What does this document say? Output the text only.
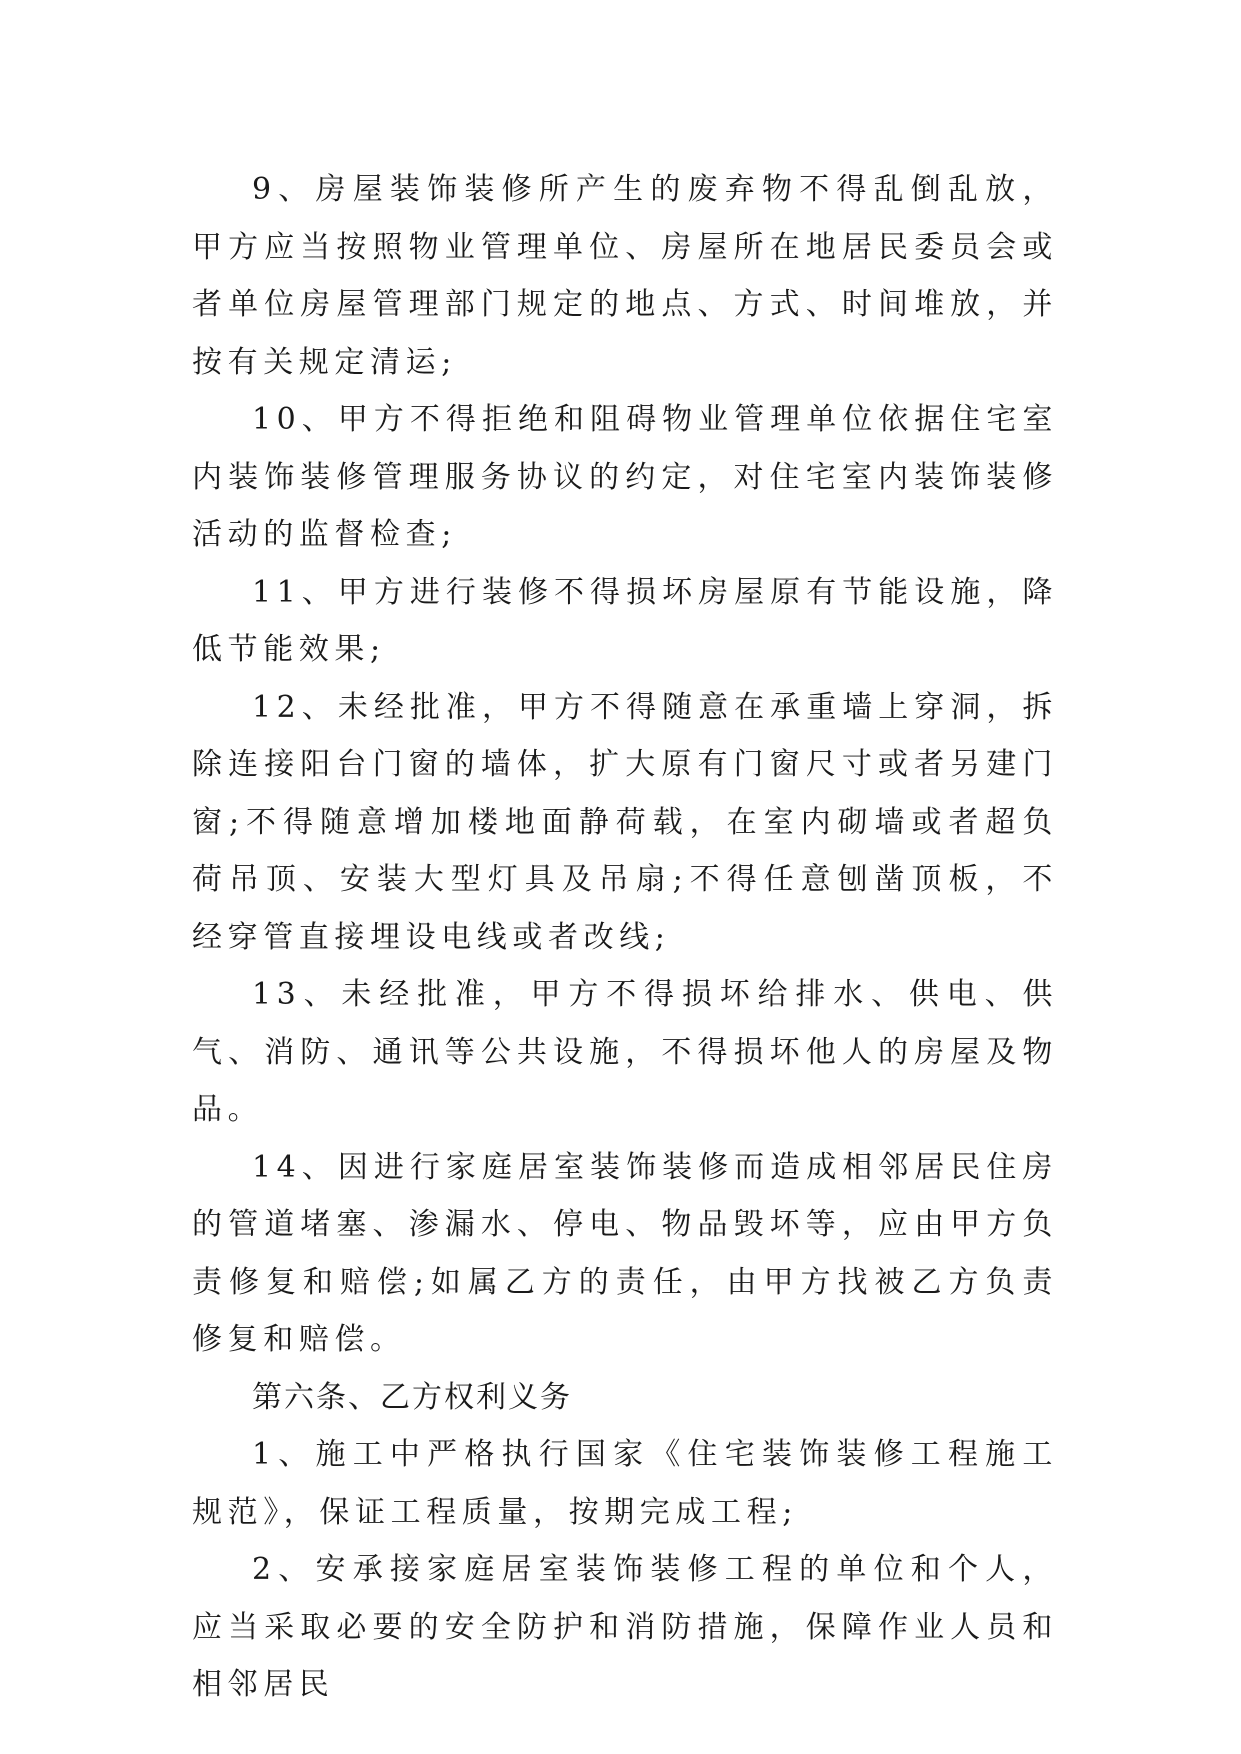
9、房屋装饰装修所产生的废弃物不得乱倒乱放，甲方应当按照物业管理单位、房屋所在地居民委员会或者单位房屋管理部门规定的地点、方式、时间堆放，并按有关规定清运;

10、甲方不得拒绝和阻碍物业管理单位依据住宅室内装饰装修管理服务协议的约定，对住宅室内装饰装修活动的监督检查;

11、甲方进行装修不得损坏房屋原有节能设施，降低节能效果;

12、未经批准，甲方不得随意在承重墙上穿洞，拆除连接阳台门窗的墙体，扩大原有门窗尺寸或者另建门窗;不得随意增加楼地面静荷载，在室内砌墙或者超负荷吊顶、安装大型灯具及吊扇;不得任意刨凿顶板，不经穿管直接埋设电线或者改线;

13、未经批准，甲方不得损坏给排水、供电、供气、消防、通讯等公共设施，不得损坏他人的房屋及物品。

14、因进行家庭居室装饰装修而造成相邻居民住房的管道堵塞、渗漏水、停电、物品毁坏等，应由甲方负责修复和赔偿;如属乙方的责任，由甲方找被乙方负责修复和赔偿。

第六条、乙方权利义务

1、施工中严格执行国家《住宅装饰装修工程施工规范》，保证工程质量，按期完成工程;

2、安承接家庭居室装饰装修工程的单位和个人，应当采取必要的安全防护和消防措施，保障作业人员和相邻居民
